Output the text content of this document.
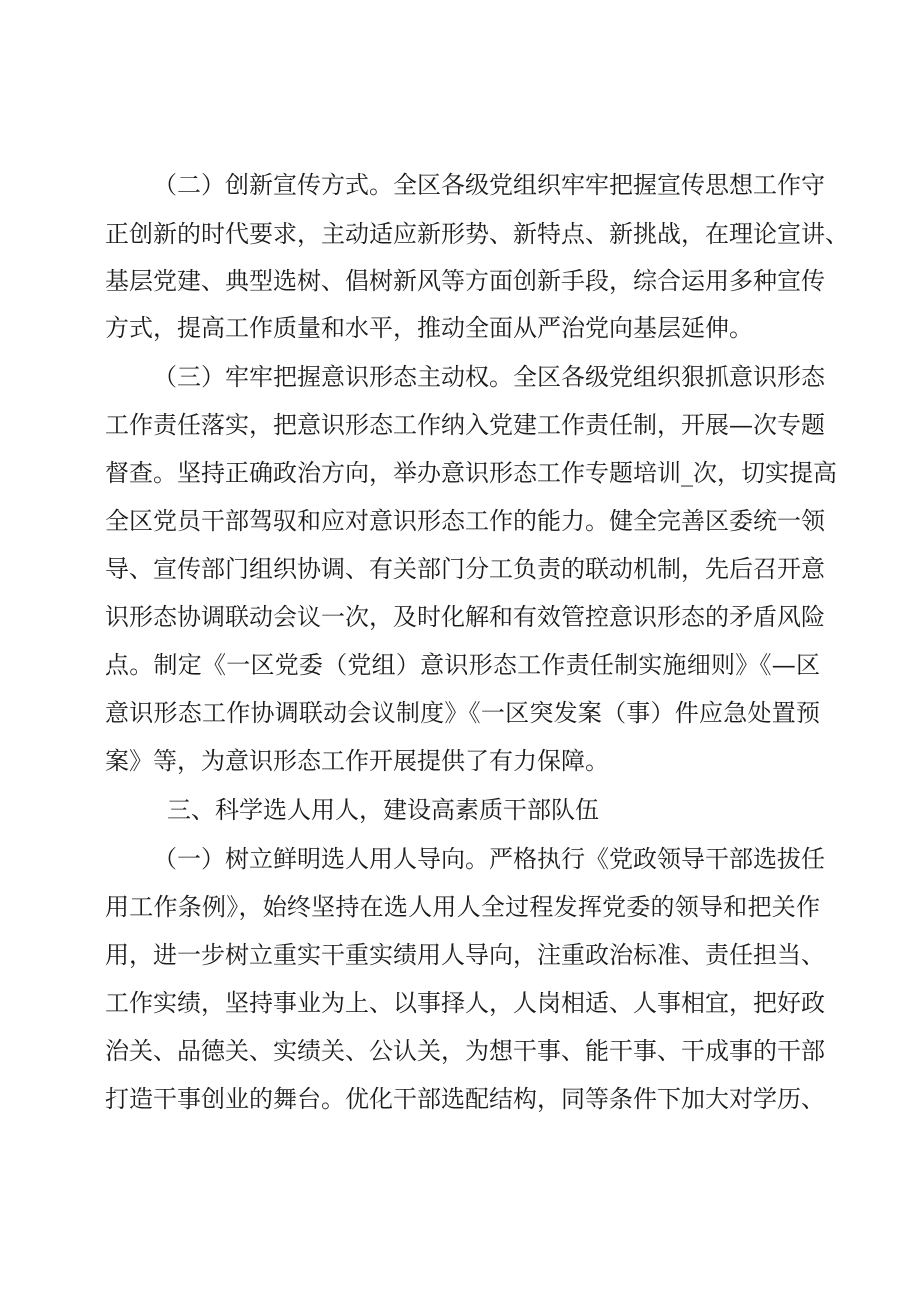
（二）创新宣传方式。全区各级党组织牢牢把握宣传思想工作守
正创新的时代要求，主动适应新形势、新特点、新挑战，在理论宣讲、
基层党建、典型选树、倡树新风等方面创新手段，综合运用多种宣传
方式，提高工作质量和水平，推动全面从严治党向基层延伸。
（三）牢牢把握意识形态主动权。全区各级党组织狠抓意识形态
工作责任落实，把意识形态工作纳入党建工作责任制，开展—次专题
督查。坚持正确政治方向，举办意识形态工作专题培训_次，切实提高
全区党员干部驾驭和应对意识形态工作的能力。健全完善区委统一领
导、宣传部门组织协调、有关部门分工负责的联动机制，先后召开意
识形态协调联动会议一次，及时化解和有效管控意识形态的矛盾风险
点。制定《一区党委（党组）意识形态工作责任制实施细则》《—区
意识形态工作协调联动会议制度》《一区突发案（事）件应急处置预
案》等，为意识形态工作开展提供了有力保障。
三、科学选人用人，建设高素质干部队伍
（一）树立鲜明选人用人导向。严格执行《党政领导干部选拔任
用工作条例》，始终坚持在选人用人全过程发挥党委的领导和把关作
用，进一步树立重实干重实绩用人导向，注重政治标准、责任担当、
工作实绩，坚持事业为上、以事择人，人岗相适、人事相宜，把好政
治关、品德关、实绩关、公认关，为想干事、能干事、干成事的干部
打造干事创业的舞台。优化干部选配结构，同等条件下加大对学历、
